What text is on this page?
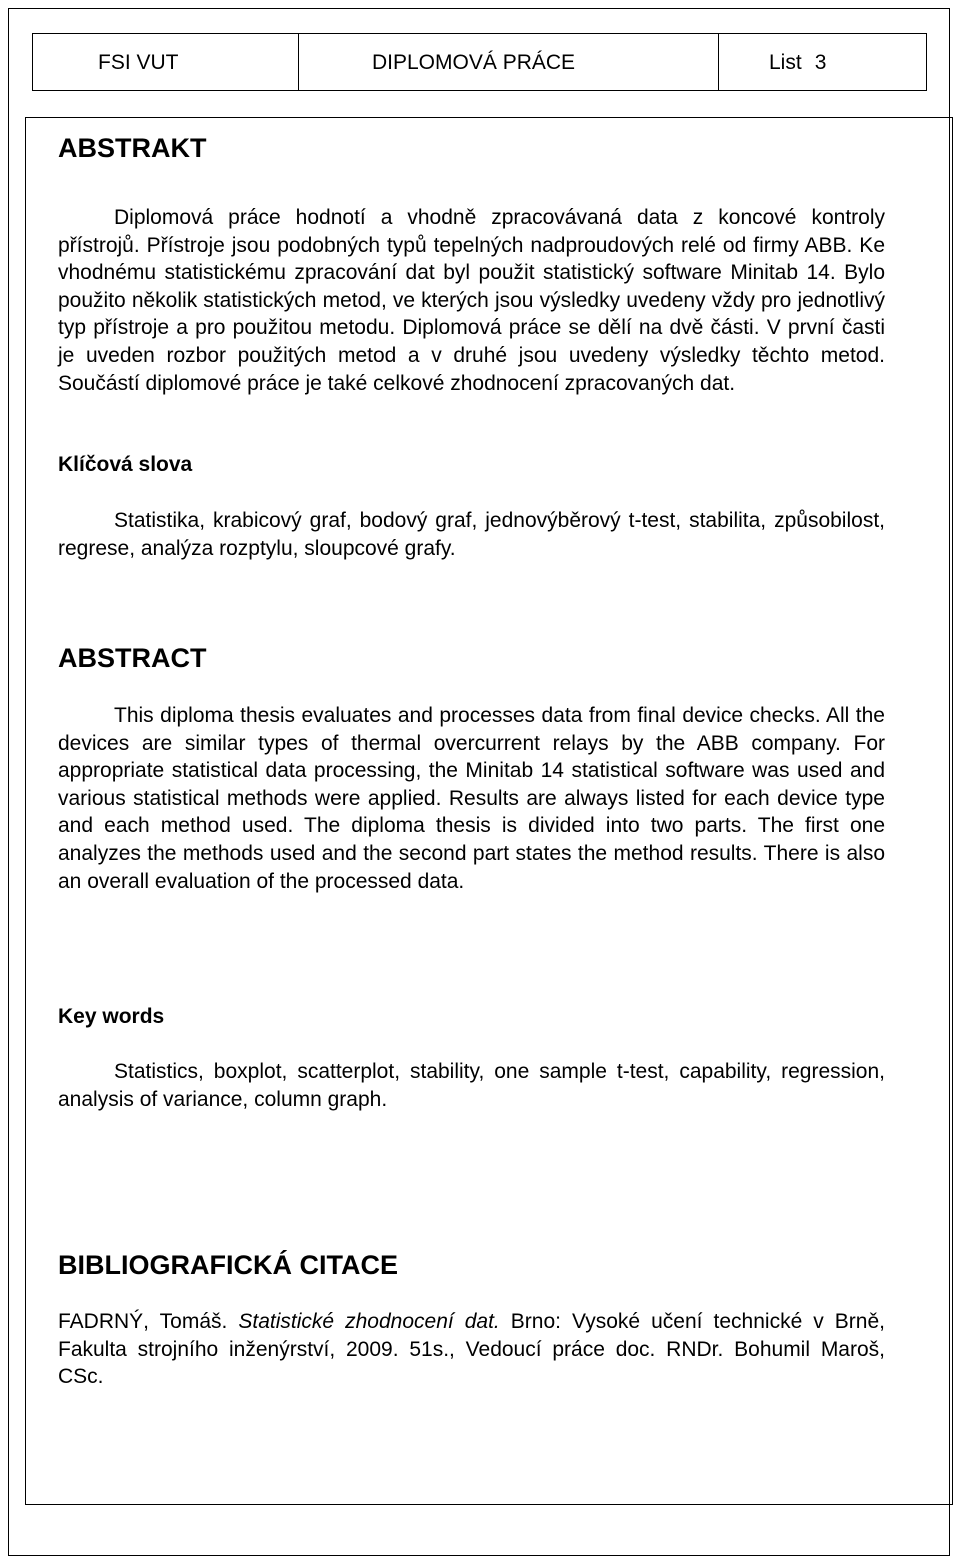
FSI VUT	DIPLOMOVÁ PRÁCE	List 3
ABSTRAKT

Diplomová práce hodnotí a vhodně zpracovávaná data z koncové kontroly přístrojů. Přístroje jsou podobných typů tepelných nadproudových relé od firmy ABB. Ke vhodnému statistickému zpracování dat byl použit statistický software Minitab 14. Bylo použito několik statistických metod, ve kterých jsou výsledky uvedeny vždy pro jednotlivý typ přístroje a pro použitou metodu. Diplomová práce se dělí na dvě části. V první časti je uveden rozbor použitých metod a v druhé jsou uvedeny výsledky těchto metod. Součástí diplomové práce je také celkové zhodnocení zpracovaných dat.

Klíčová slova

Statistika, krabicový graf, bodový graf, jednovýběrový t-test, stabilita, způsobilost, regrese, analýza rozptylu, sloupcové grafy.

ABSTRACT

This diploma thesis evaluates and processes data from final device checks. All the devices are similar types of thermal overcurrent relays by the ABB company. For appropriate statistical data processing, the Minitab 14 statistical software was used and various statistical methods were applied. Results are always listed for each device type and each method used. The diploma thesis is divided into two parts. The first one analyzes the methods used and the second part states the method results. There is also an overall evaluation of the processed data.

Key words

Statistics, boxplot, scatterplot, stability, one sample t-test, capability, regression, analysis of variance, column graph.

BIBLIOGRAFICKÁ CITACE

FADRNÝ, Tomáš. Statistické zhodnocení dat. Brno: Vysoké učení technické v Brně, Fakulta strojního inženýrství, 2009. 51s., Vedoucí práce doc. RNDr. Bohumil Maroš, CSc.
